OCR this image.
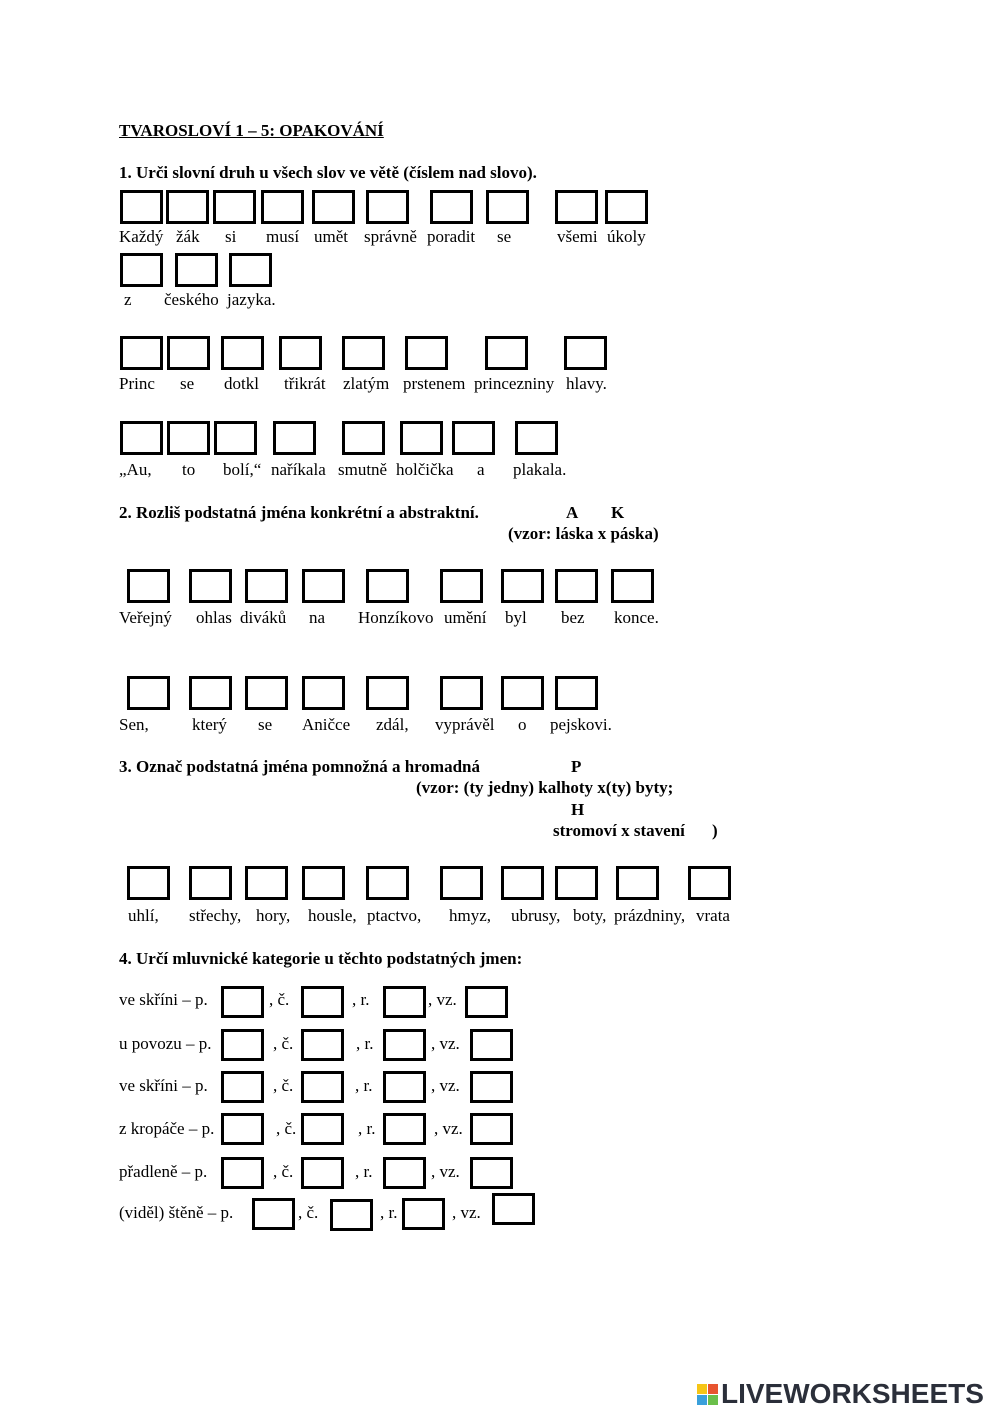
TVAROSLOVÍ 1 – 5: OPAKOVÁNÍ
1. Urči slovní druh u všech slov ve větě (číslem nad slovo).
Každý žák si musí umět správně poradit se	všemi úkoly
z českého jazyka.
Princ se dotkl třikrát zlatým prstenem princezniny hlavy.
„Au, to bolí,“ naříkala smutně holčička a plakala.
2. Rozliš podstatná jména konkrétní a abstraktní.	A K
(vzor: láska x páska)
Veřejný ohlas diváků na Honzíkovo umění byl bez konce.
Sen,	který se Aničce zdál, vyprávěl o pejskovi.
3. Označ podstatná jména pomnožná a hromadná	P
(vzor: (ty jedny) kalhoty x(ty) byty;
H
stromoví x stavení )
uhlí, střechy, hory, housle, ptactvo, hmyz, ubrusy, boty, prázdniny, vrata
4. Určí mluvnické kategorie u těchto podstatných jmen:
ve skříni – p.	, č.	, r.	, vz.
u povozu – p.	, č.	, r.	, vz.
ve skříni – p.	, č.	, r.	, vz.
z kropáče – p.	, č.	, r.	, vz.
přadleně – p.	, č.	, r.	, vz.
(viděl) štěně – p.	, č.	, r.	, vz.
LIVEWORKSHEETS
